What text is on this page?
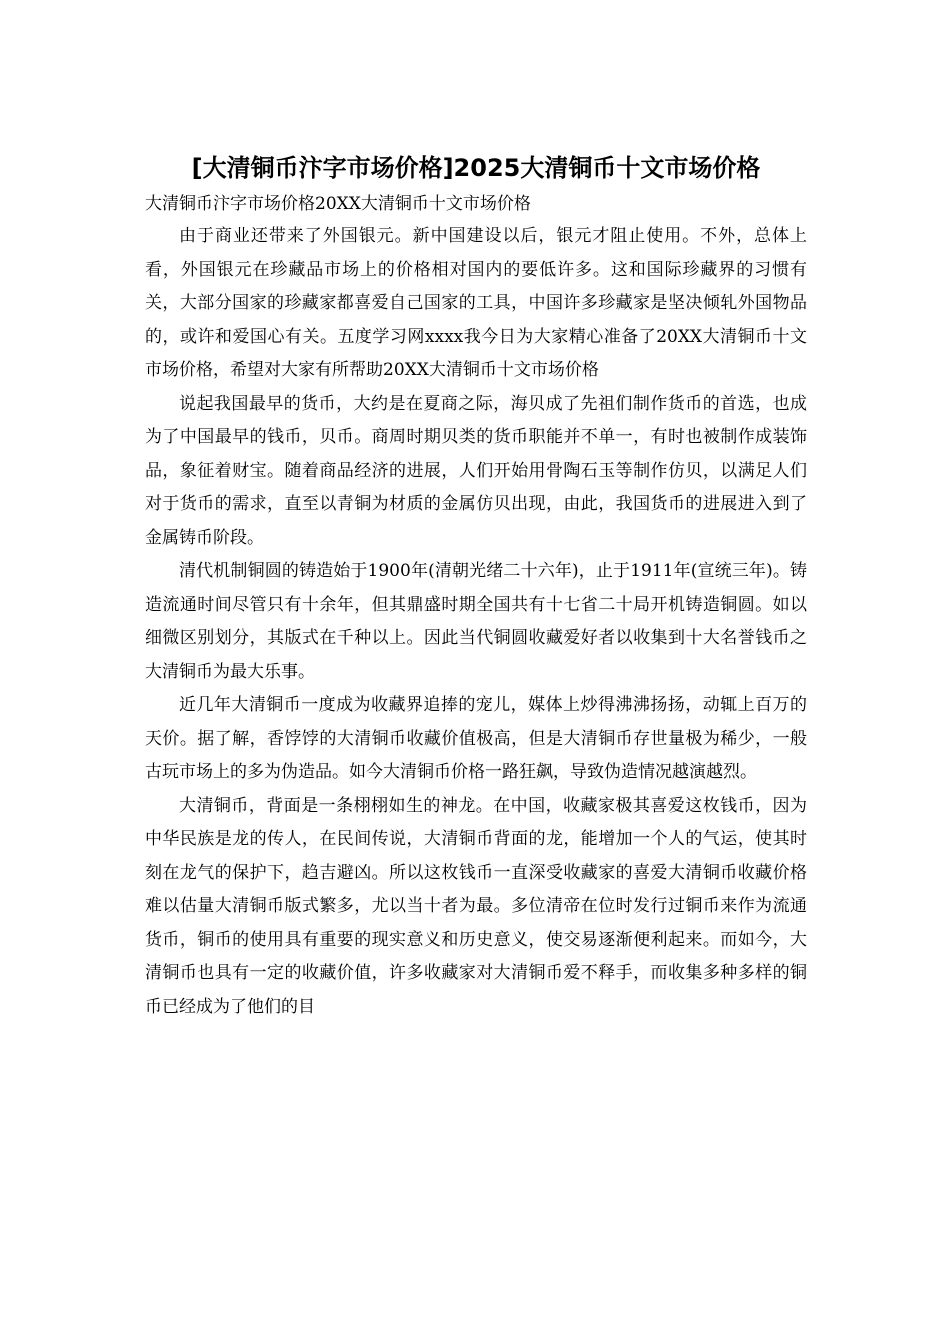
[大清铜币汴字市场价格]2025大清铜币十文市场价格

大清铜币汴字市场价格20XX大清铜币十文市场价格

由于商业还带来了外国银元。新中国建设以后，银元才阻止使用。不外，总体上看，外国银元在珍藏品市场上的价格相对国内的要低许多。这和国际珍藏界的习惯有关，大部分国家的珍藏家都喜爱自己国家的工具，中国许多珍藏家是坚决倾轧外国物品的，或许和爱国心有关。五度学习网xxxx我今日为大家精心准备了20XX大清铜币十文市场价格，希望对大家有所帮助20XX大清铜币十文市场价格

说起我国最早的货币，大约是在夏商之际，海贝成了先祖们制作货币的首选，也成为了中国最早的钱币，贝币。商周时期贝类的货币职能并不单一，有时也被制作成装饰品，象征着财宝。随着商品经济的进展，人们开始用骨陶石玉等制作仿贝，以满足人们对于货币的需求，直至以青铜为材质的金属仿贝出现，由此，我国货币的进展进入到了金属铸币阶段。

清代机制铜圆的铸造始于1900年(清朝光绪二十六年)，止于1911年(宣统三年)。铸造流通时间尽管只有十余年，但其鼎盛时期全国共有十七省二十局开机铸造铜圆。如以细微区别划分，其版式在千种以上。因此当代铜圆收藏爱好者以收集到十大名誉钱币之大清铜币为最大乐事。

近几年大清铜币一度成为收藏界追捧的宠儿，媒体上炒得沸沸扬扬，动辄上百万的天价。据了解，香饽饽的大清铜币收藏价值极高，但是大清铜币存世量极为稀少，一般古玩市场上的多为伪造品。如今大清铜币价格一路狂飙，导致伪造情况越演越烈。

大清铜币，背面是一条栩栩如生的神龙。在中国，收藏家极其喜爱这枚钱币，因为中华民族是龙的传人，在民间传说，大清铜币背面的龙，能增加一个人的气运，使其时刻在龙气的保护下，趋吉避凶。所以这枚钱币一直深受收藏家的喜爱大清铜币收藏价格难以估量大清铜币版式繁多，尤以当十者为最。多位清帝在位时发行过铜币来作为流通货币，铜币的使用具有重要的现实意义和历史意义，使交易逐渐便利起来。而如今，大清铜币也具有一定的收藏价值，许多收藏家对大清铜币爱不释手，而收集多种多样的铜币已经成为了他们的目
